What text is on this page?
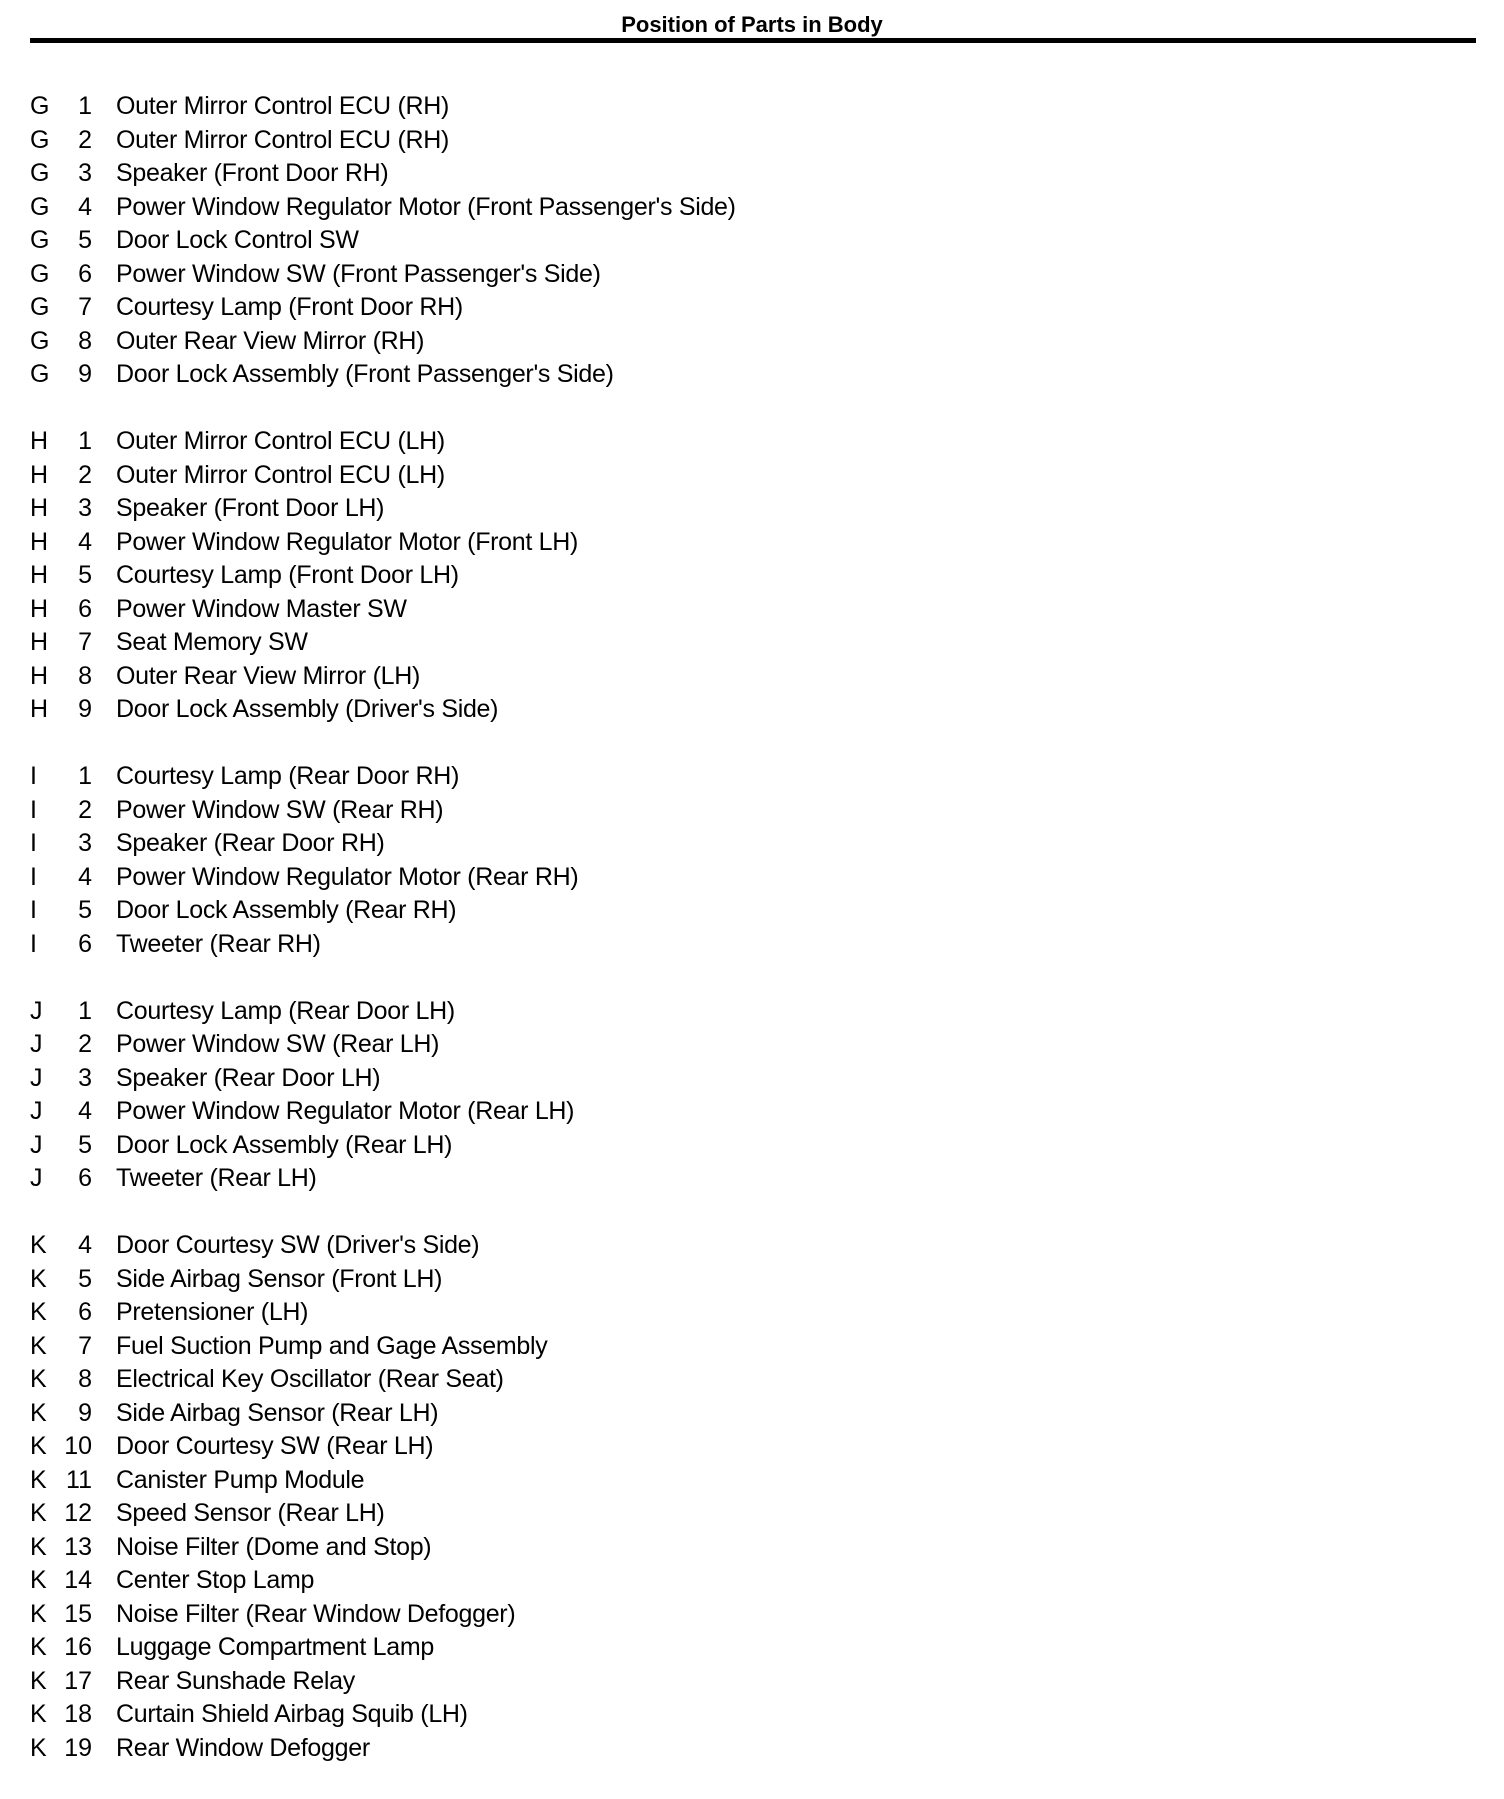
Position of Parts in Body
G	1 Outer Mirror Control ECU (RH)
G	2 Outer Mirror Control ECU (RH)
G	3 Speaker (Front Door RH)
G	4 Power Window Regulator Motor (Front Passenger's Side)
G	5 Door Lock Control SW
G	6 Power Window SW (Front Passenger's Side)
G	7 Courtesy Lamp (Front Door RH)
G	8 Outer Rear View Mirror (RH)
G	9 Door Lock Assembly (Front Passenger's Side)
H	1 Outer Mirror Control ECU (LH)
H	2 Outer Mirror Control ECU (LH)
H	3 Speaker (Front Door LH)
H	4 Power Window Regulator Motor (Front LH)
H	5 Courtesy Lamp (Front Door LH)
H	6 Power Window Master SW
H	7 Seat Memory SW
H	8 Outer Rear View Mirror (LH)
H	9 Door Lock Assembly (Driver's Side)
I	1 Courtesy Lamp (Rear Door RH)
I	2 Power Window SW (Rear RH)
I	3 Speaker (Rear Door RH)
I	4 Power Window Regulator Motor (Rear RH)
I	5 Door Lock Assembly (Rear RH)
I	6 Tweeter (Rear RH)
J	1 Courtesy Lamp (Rear Door LH)
J	2 Power Window SW (Rear LH)
J	3 Speaker (Rear Door LH)
J	4 Power Window Regulator Motor (Rear LH)
J	5 Door Lock Assembly (Rear LH)
J	6 Tweeter (Rear LH)
K	4 Door Courtesy SW (Driver's Side)
K	5 Side Airbag Sensor (Front LH)
K	6 Pretensioner (LH)
K	7 Fuel Suction Pump and Gage Assembly
K	8 Electrical Key Oscillator (Rear Seat)
K	9 Side Airbag Sensor (Rear LH)
K 10 Door Courtesy SW (Rear LH)
K 11 Canister Pump Module
K 12 Speed Sensor (Rear LH)
K 13 Noise Filter (Dome and Stop)
K 14 Center Stop Lamp
K 15 Noise Filter (Rear Window Defogger)
K 16 Luggage Compartment Lamp
K 17 Rear Sunshade Relay
K 18 Curtain Shield Airbag Squib (LH)
K 19 Rear Window Defogger
